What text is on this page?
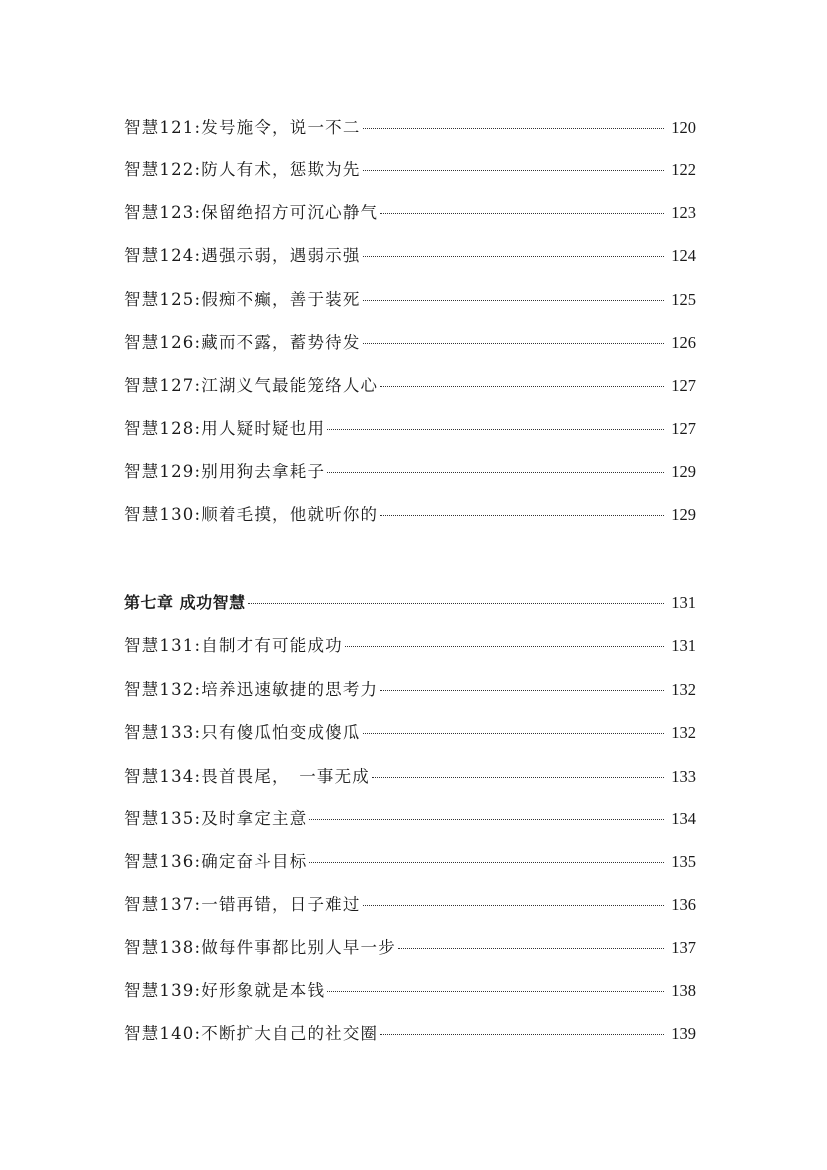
智慧121:发号施令，说一不二	120
智慧122:防人有术，惩欺为先	122
智慧123:保留绝招方可沉心静气	123
智慧124:遇强示弱，遇弱示强	124
智慧125:假痴不癫，善于装死	125
智慧126:藏而不露，蓄势待发	126
智慧127:江湖义气最能笼络人心	127
智慧128:用人疑时疑也用	127
智慧129:别用狗去拿耗子	129
智慧130:顺着毛摸，他就听你的	129
第七章 成功智慧	131
智慧131:自制才有可能成功	131
智慧132:培养迅速敏捷的思考力	132
智慧133:只有傻瓜怕变成傻瓜	132
智慧134:畏首畏尾，　一事无成	133
智慧135:及时拿定主意	134
智慧136:确定奋斗目标	135
智慧137:一错再错，日子难过	136
智慧138:做每件事都比别人早一步	137
智慧139:好形象就是本钱	138
智慧140:不断扩大自己的社交圈	139
